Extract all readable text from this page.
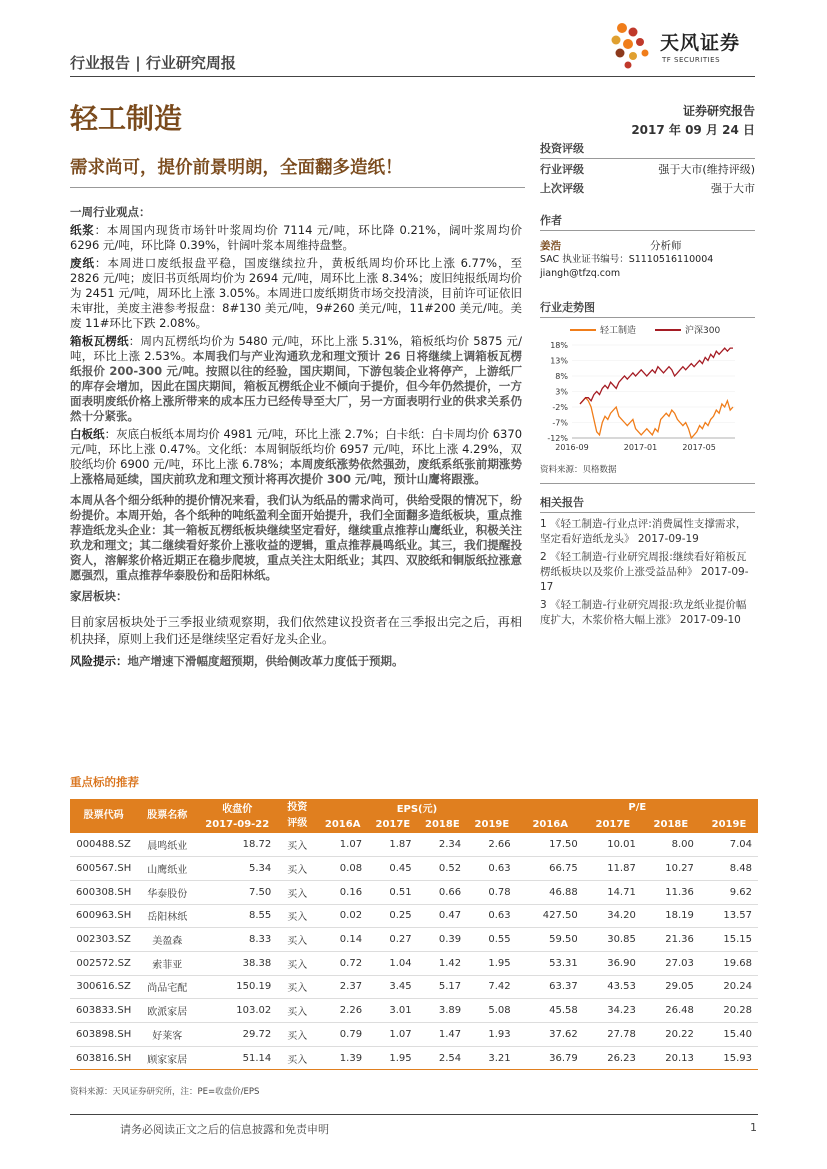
天风证券
TF SECURITIES
行业报告 | 行业研究周报
轻工制造	证券研究报告
2017 年 09 月 24 日
需求尚可，提价前景明朗，全面翻多造纸！
一周行业观点：

纸浆：本周国内现货市场针叶浆周均价 7114 元/吨，环比降 0.21%，阔叶浆周均价 6296 元/吨，环比降 0.39%，针阔叶浆本周维持盘整。

废纸：本周进口废纸报盘平稳，国废继续拉升，黄板纸周均价环比上涨 6.77%，至 2826 元/吨；废旧书页纸周均价为 2694 元/吨，周环比上涨 8.34%；废旧纯报纸周均价为 2451 元/吨，周环比上涨 3.05%。本周进口废纸期货市场交投清淡，目前许可证依旧未审批，美废主港参考报盘：8#130 美元/吨，9#260 美元/吨，11#200 美元/吨。美废 11#环比下跌 2.08%。

箱板瓦楞纸：周内瓦楞纸均价为 5480 元/吨，环比上涨 5.31%，箱板纸均价 5875 元/吨，环比上涨 2.53%。本周我们与产业沟通玖龙和理文预计 26 日将继续上调箱板瓦楞纸报价 200-300 元/吨。按照以往的经验，国庆期间，下游包装企业将停产，上游纸厂的库存会增加，因此在国庆期间，箱板瓦楞纸企业不倾向于提价，但今年仍然提价，一方面表明废纸价格上涨所带来的成本压力已经传导至大厂，另一方面表明行业的供求关系仍然十分紧张。

白板纸：灰底白板纸本周均价 4981 元/吨，环比上涨 2.7%；白卡纸：白卡周均价 6370 元/吨，环比上涨 0.47%。文化纸：本周铜版纸均价 6957 元/吨，环比上涨 4.29%，双胶纸均价 6900 元/吨，环比上涨 6.78%；本周废纸涨势依然强劲，废纸系纸张前期涨势上涨格局延续，国庆前玖龙和理文预计将再次提价 300 元/吨，预计山鹰将跟涨。

本周从各个细分纸种的提价情况来看，我们认为纸品的需求尚可，供给受限的情况下，纷纷提价。本周开始，各个纸种的吨纸盈利全面开始提升，我们全面翻多造纸板块，重点推荐造纸龙头企业：其一箱板瓦楞纸板块继续坚定看好，继续重点推荐山鹰纸业，积极关注玖龙和理文；其二继续看好浆价上涨收益的逻辑，重点推荐晨鸣纸业。其三，我们提醒投资人，溶解浆价格近期正在稳步爬坡，重点关注太阳纸业；其四、双胶纸和铜版纸拉涨意愿强烈，重点推荐华泰股份和岳阳林纸。

家居板块：

目前家居板块处于三季报业绩观察期，我们依然建议投资者在三季报出完之后，再相机抉择，原则上我们还是继续坚定看好龙头企业。

风险提示：地产增速下滑幅度超预期，供给侧改革力度低于预期。

投资评级
行业评级	强于大市(维持评级)
上次评级	强于大市
作者
姜浩	分析师
SAC 执业证书编号：S1110516110004
jiangh@tfzq.com
行业走势图
轻工制造	沪深300
18%
13%
8%
3%
-2%
-7%
-12%
2016-09	2017-01	2017-05
资料来源：贝格数据
相关报告
1 《轻工制造-行业点评:消费属性支撑需求，坚定看好造纸龙头》 2017-09-19
2 《轻工制造-行业研究周报:继续看好箱板瓦楞纸板块以及浆价上涨受益品种》 2017-09-17
3 《轻工制造-行业研究周报:玖龙纸业提价幅度扩大，木浆价格大幅上涨》 2017-09-10
重点标的推荐
股票代码	股票名称	收盘价	投资评级	EPS(元)				P/E			
		2017-09-22		2016A	2017E	2018E	2019E	2016A	2017E	2018E	2019E
000488.SZ	晨鸣纸业	18.72	买入	1.07	1.87	2.34	2.66	17.50	10.01	8.00	7.04
600567.SH	山鹰纸业	5.34	买入	0.08	0.45	0.52	0.63	66.75	11.87	10.27	8.48
600308.SH	华泰股份	7.50	买入	0.16	0.51	0.66	0.78	46.88	14.71	11.36	9.62
600963.SH	岳阳林纸	8.55	买入	0.02	0.25	0.47	0.63	427.50	34.20	18.19	13.57
002303.SZ	美盈森	8.33	买入	0.14	0.27	0.39	0.55	59.50	30.85	21.36	15.15
002572.SZ	索菲亚	38.38	买入	0.72	1.04	1.42	1.95	53.31	36.90	27.03	19.68
300616.SZ	尚品宅配	150.19	买入	2.37	3.45	5.17	7.42	63.37	43.53	29.05	20.24
603833.SH	欧派家居	103.02	买入	2.26	3.01	3.89	5.08	45.58	34.23	26.48	20.28
603898.SH	好莱客	29.72	买入	0.79	1.07	1.47	1.93	37.62	27.78	20.22	15.40
603816.SH	顾家家居	51.14	买入	1.39	1.95	2.54	3.21	36.79	26.23	20.13	15.93
资料来源：天风证券研究所，注：PE=收盘价/EPS
请务必阅读正文之后的信息披露和免责申明	1
